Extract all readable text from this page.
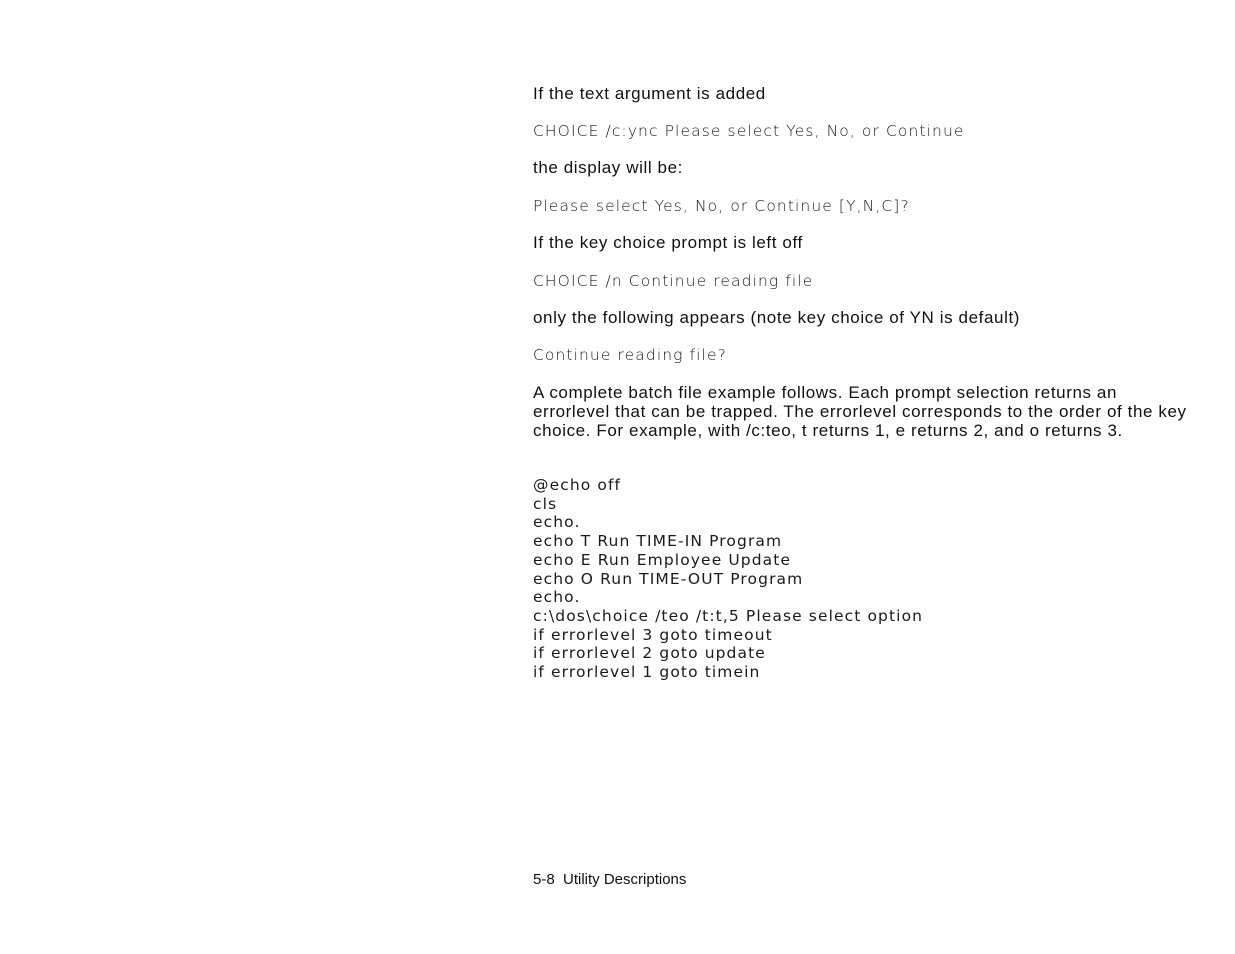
If the text argument is added

CHOICE /c:ync Please select Yes, No, or Continue

the display will be:

Please select Yes, No, or Continue [Y,N,C]?

If the key choice prompt is left off

CHOICE /n Continue reading file

only the following appears (note key choice of YN is default)

Continue reading file?

A complete batch file example follows. Each prompt selection returns an errorlevel that can be trapped. The errorlevel corresponds to the order of the key choice. For example, with /c:teo, t returns 1, e returns 2, and o returns 3.

@echo off
cls
echo.
echo T Run TIME-IN Program
echo E Run Employee Update
echo O Run TIME-OUT Program
echo.
c:\dos\choice /teo /t:t,5 Please select option
if errorlevel 3 goto timeout
if errorlevel 2 goto update
if errorlevel 1 goto timein
5-8  Utility Descriptions
